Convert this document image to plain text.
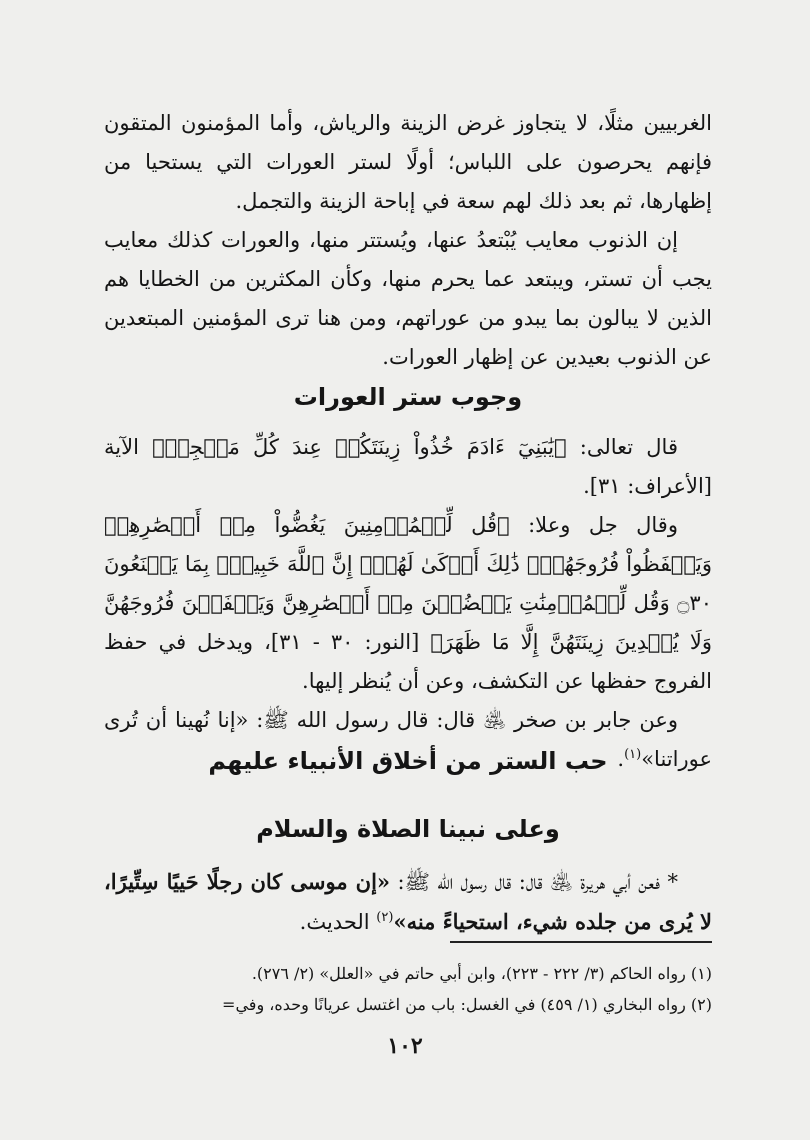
الغربيين مثلًا، لا يتجاوز غرض الزينة والرياش، وأما المؤمنون المتقون فإنهم يحرصون على اللباس؛ أولًا لستر العورات التي يستحيا من إظهارها، ثم بعد ذلك لهم سعة في إباحة الزينة والتجمل.

إن الذنوب معايب يُبْتعدُ عنها، ويُستتر منها، والعورات كذلك معايب يجب أن تستر، ويبتعد عما يحرم منها، وكأن المكثرين من الخطايا هم الذين لا يبالون بما يبدو من عوراتهم، ومن هنا ترى المؤمنين المبتعدين عن الذنوب بعيدين عن إظهار العورات.

وجوب ستر العورات

قال تعالى: ﴿يَٰبَنِيٓ ءَادَمَ خُذُواْ زِينَتَكُمۡ عِندَ كُلِّ مَسۡجِدٖ﴾ الآية [الأعراف: ٣١].

وقال جل وعلا: ﴿قُل لِّلۡمُؤۡمِنِينَ يَغُضُّواْ مِنۡ أَبۡصَٰرِهِمۡ وَيَحۡفَظُواْ فُرُوجَهُمۡۚ ذَٰلِكَ أَزۡكَىٰ لَهُمۡۚ إِنَّ ٱللَّهَ خَبِيرُۢ بِمَا يَصۡنَعُونَ ۝٣٠ وَقُل لِّلۡمُؤۡمِنَٰتِ يَغۡضُضۡنَ مِنۡ أَبۡصَٰرِهِنَّ وَيَحۡفَظۡنَ فُرُوجَهُنَّ وَلَا يُبۡدِينَ زِينَتَهُنَّ إِلَّا مَا ظَهَرَ﴾ [النور: ٣٠ - ٣١]، ويدخل في حفظ الفروج حفظها عن التكشف، وعن أن يُنظر إليها.

وعن جابر بن صخر ﵁ قال: قال رسول الله ﷺ: «إنا نُهينا أن تُرى عوراتنا»$^{(١)}$.

حب الستر من أخلاق الأنبياء عليهم
وعلى نبينا الصلاة والسلام

* فعن أبي هريرة ﵁ قال: قال رسول الله ﷺ: «إن موسى كان رجلًا حَييًا سِتِّيرًا، لا يُرى من جلده شيء، استحياءً منه»$^{(٢)}$ الحديث.

(١) رواه الحاكم (٣/ ٢٢٢ - ٢٢٣)، وابن أبي حاتم في «العلل» (٢/ ٢٧٦).
(٢) رواه البخاري (١/ ٤٥٩) في الغسل: باب من اغتسل عريانًا وحده، وفي=
١٠٢
